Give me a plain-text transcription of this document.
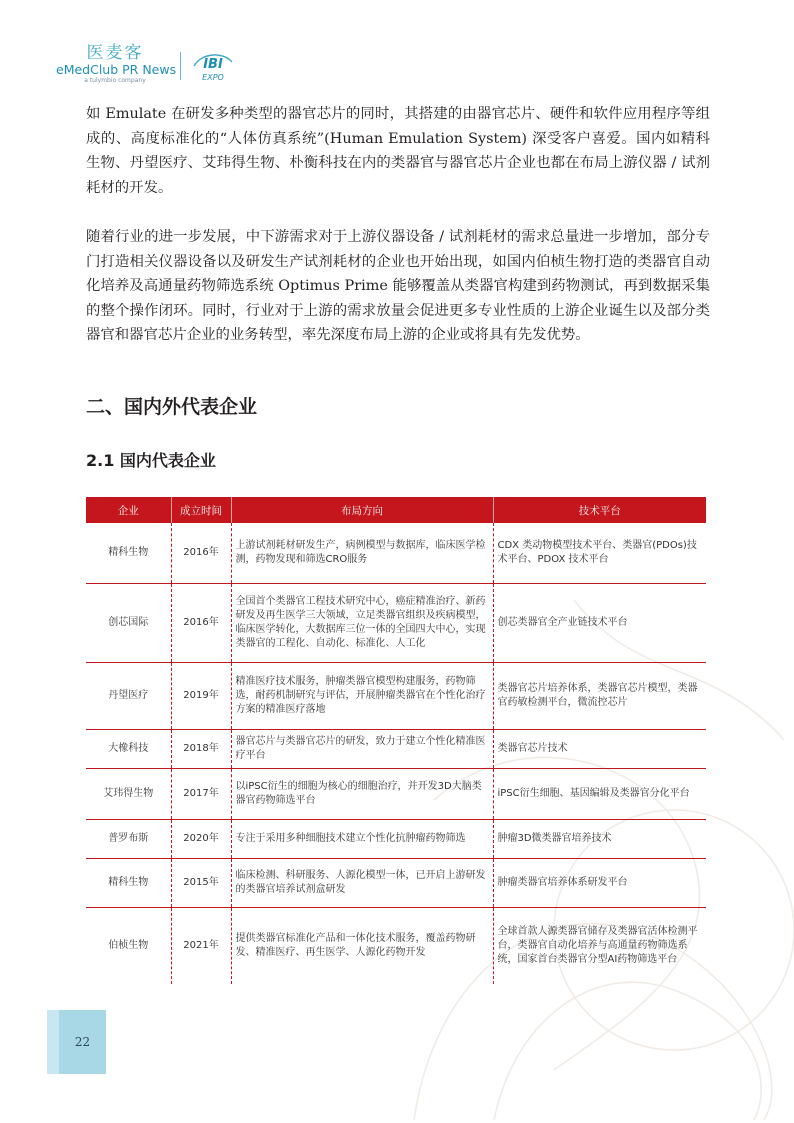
医麦客
eMedClub PR News
a tulymbio company
IBI
EXPO

如 Emulate 在研发多种类型的器官芯片的同时，其搭建的由器官芯片、硬件和软件应用程序等组成的、高度标准化的“人体仿真系统”(Human Emulation System) 深受客户喜爱。国内如精科生物、丹望医疗、艾玮得生物、朴衡科技在内的类器官与器官芯片企业也都在布局上游仪器 / 试剂耗材的开发。

随着行业的进一步发展，中下游需求对于上游仪器设备 / 试剂耗材的需求总量进一步增加，部分专门打造相关仪器设备以及研发生产试剂耗材的企业也开始出现，如国内伯桢生物打造的类器官自动化培养及高通量药物筛选系统 Optimus Prime 能够覆盖从类器官构建到药物测试，再到数据采集的整个操作闭环。同时，行业对于上游的需求放量会促进更多专业性质的上游企业诞生以及部分类器官和器官芯片企业的业务转型，率先深度布局上游的企业或将具有先发优势。

二、国内外代表企业
2.1 国内代表企业
企业	成立时间	布局方向	技术平台
精科生物	2016年	上游试剂耗材研发生产，病例模型与数据库，临床医学检测，药物发现和筛选CRO服务	CDX 类动物模型技术平台、类器官(PDOs)技术平台、PDOX 技术平台
创芯国际	2016年	全国首个类器官工程技术研究中心，癌症精准治疗、新药研发及再生医学三大领域，立足类器官组织及疾病模型，临床医学转化，大数据库三位一体的全国四大中心，实现类器官的工程化、自动化、标准化、人工化	创芯类器官全产业链技术平台
丹望医疗	2019年	精准医疗技术服务，肿瘤类器官模型构建服务，药物筛选，耐药机制研究与评估，开展肿瘤类器官在个性化治疗方案的精准医疗落地	类器官芯片培养体系，类器官芯片模型，类器官药敏检测平台，微流控芯片
大橡科技	2018年	器官芯片与类器官芯片的研发，致力于建立个性化精准医疗平台	类器官芯片技术
艾玮得生物	2017年	以iPSC衍生的细胞为核心的细胞治疗，并开发3D大脑类器官药物筛选平台	iPSC衍生细胞、基因编辑及类器官分化平台
普罗布斯	2020年	专注于采用多种细胞技术建立个性化抗肿瘤药物筛选	肿瘤3D微类器官培养技术
精科生物	2015年	临床检测、科研服务、人源化模型一体，已开启上游研发的类器官培养试剂盒研发	肿瘤类器官培养体系研发平台
伯桢生物	2021年	提供类器官标准化产品和一体化技术服务，覆盖药物研发、精准医疗、再生医学、人源化药物开发	全球首款人源类器官储存及类器官活体检测平台，类器官自动化培养与高通量药物筛选系统，国家首台类器官分型AI药物筛选平台
22
